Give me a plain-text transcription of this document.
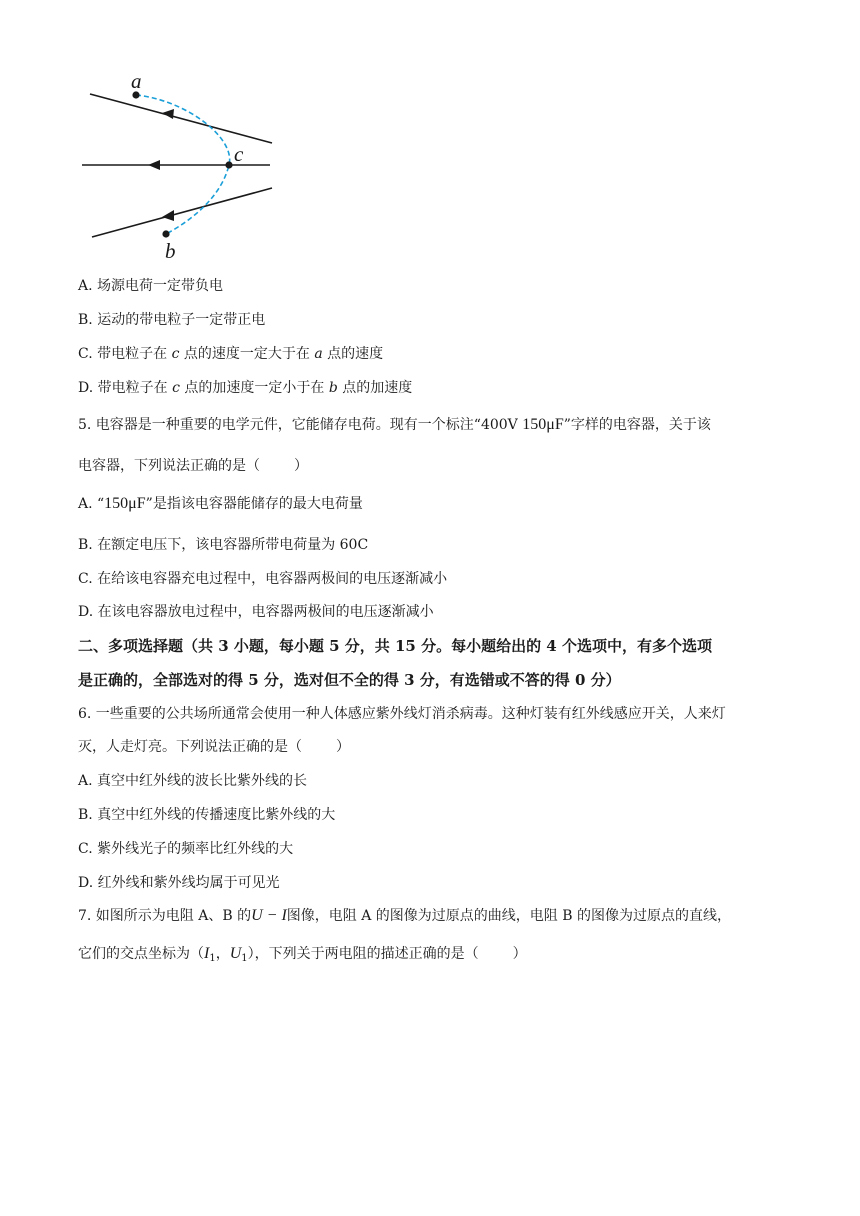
a
c
b
A. 场源电荷一定带负电
B. 运动的带电粒子一定带正电
C. 带电粒子在 c 点的速度一定大于在 a 点的速度
D. 带电粒子在 c 点的加速度一定小于在 b 点的加速度
5. 电容器是一种重要的电学元件，它能储存电荷。现有一个标注“400V 150μF”字样的电容器，关于该
电容器，下列说法正确的是（ ）
A. “150μF”是指该电容器能储存的最大电荷量
B. 在额定电压下，该电容器所带电荷量为 60C
C. 在给该电容器充电过程中，电容器两极间的电压逐渐减小
D. 在该电容器放电过程中，电容器两极间的电压逐渐减小
二、多项选择题（共 3 小题，每小题 5 分，共 15 分。每小题给出的 4 个选项中，有多个选项
是正确的，全部选对的得 5 分，选对但不全的得 3 分，有选错或不答的得 0 分）
6. 一些重要的公共场所通常会使用一种人体感应紫外线灯消杀病毒。这种灯装有红外线感应开关，人来灯
灭，人走灯亮。下列说法正确的是（ ）
A. 真空中红外线的波长比紫外线的长
B. 真空中红外线的传播速度比紫外线的大
C. 紫外线光子的频率比红外线的大
D. 红外线和紫外线均属于可见光
7. 如图所示为电阻 A、B 的U − I图像，电阻 A 的图像为过原点的曲线，电阻 B 的图像为过原点的直线，
它们的交点坐标为（$I_1$，$U_1$），下列关于两电阻的描述正确的是（ ）
